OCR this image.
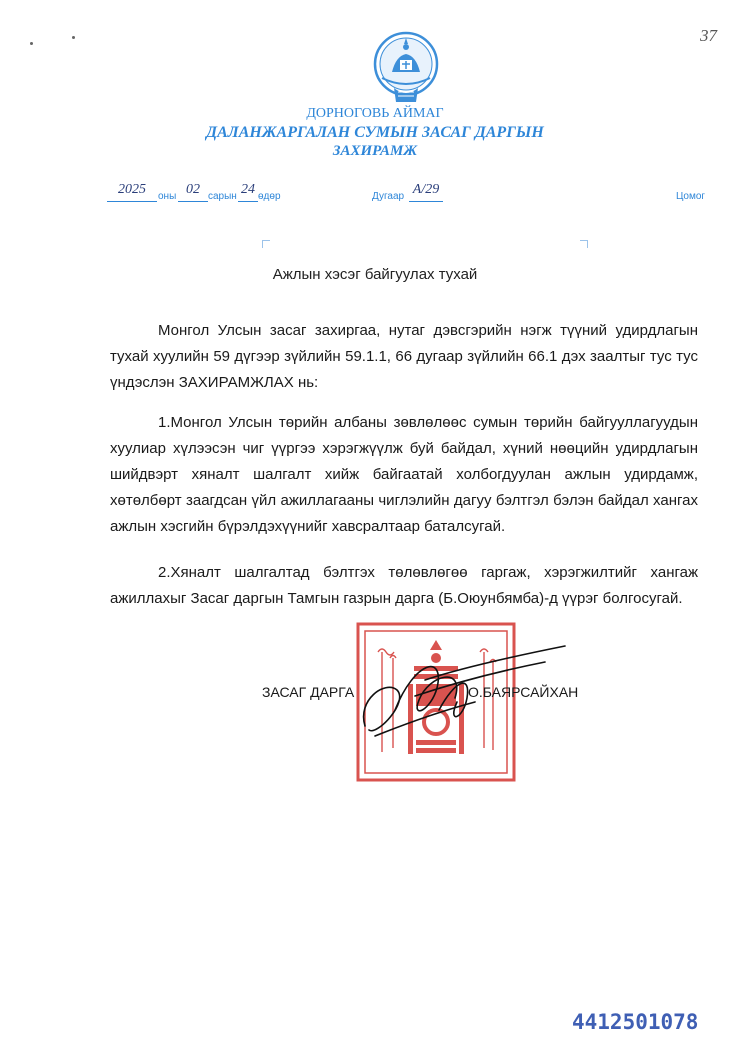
37
ДОРНОГОВЬ АЙМАГ
ДАЛАНЖАРГАЛАН СУМЫН ЗАСАГ ДАРГЫН
ЗАХИРАМЖ
2025	оны 02 сарын 24 өдөр	Дугаар А/29	Цомог
Ажлын хэсэг байгуулах тухай

Монгол Улсын засаг захиргаа, нутаг дэвсгэрийн нэгж түүний удирдлагын тухай хуулийн 59 дүгээр зүйлийн 59.1.1, 66 дугаар зүйлийн 66.1 дэх заалтыг тус тус үндэслэн ЗАХИРАМЖЛАХ нь:

1.Монгол Улсын төрийн албаны зөвлөлөөс сумын төрийн байгууллагуудын хуулиар хүлээсэн чиг үүргээ хэрэгжүүлж буй байдал, хүний нөөцийн удирдлагын шийдвэрт хяналт шалгалт хийж байгаатай холбогдуулан ажлын удирдамж, хөтөлбөрт заагдсан үйл ажиллагааны чиглэлийн дагуу бэлтгэл бэлэн байдал хангах ажлын хэсгийн бүрэлдэхүүнийг хавсралтаар баталсугай.

2.Хяналт шалгалтад бэлтгэх төлөвлөгөө гаргаж, хэрэгжилтийг хангаж ажиллахыг Засаг даргын Тамгын газрын дарга (Б.Оюунбямба)-д үүрэг болгосугай.

ЗАСАГ ДАРГА	О.БАЯРСАЙХАН
4412501078
